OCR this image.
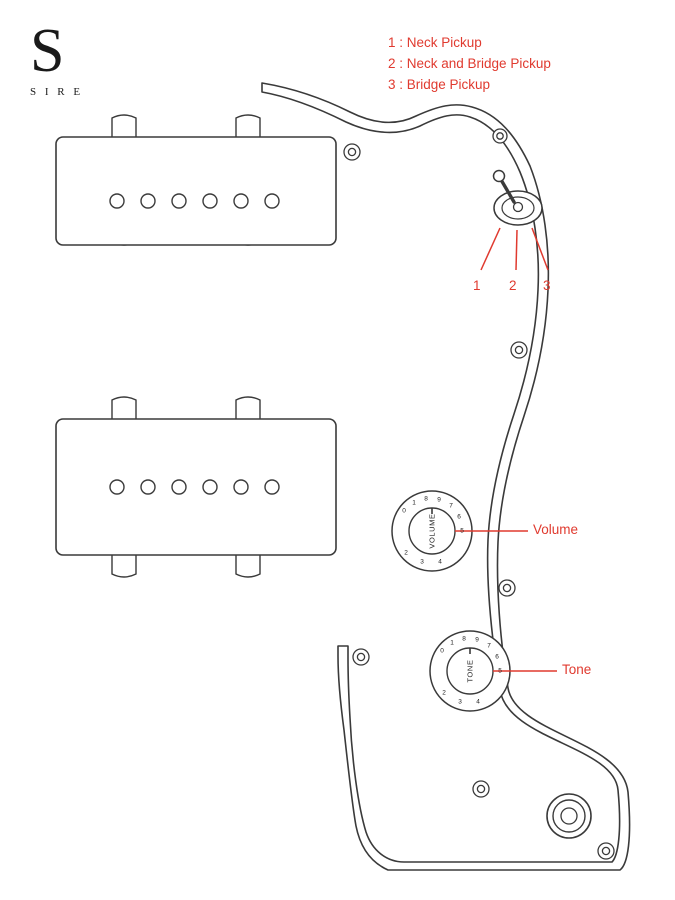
S
S I R E
1 : Neck Pickup
2 : Neck and Bridge Pickup
3 : Bridge Pickup
1 2 3
VOLUME
0
1
8 9
7
6
5
2
3 4
TONE
0
1
8 9
7
6
5
2
3 4
Volume
Tone
